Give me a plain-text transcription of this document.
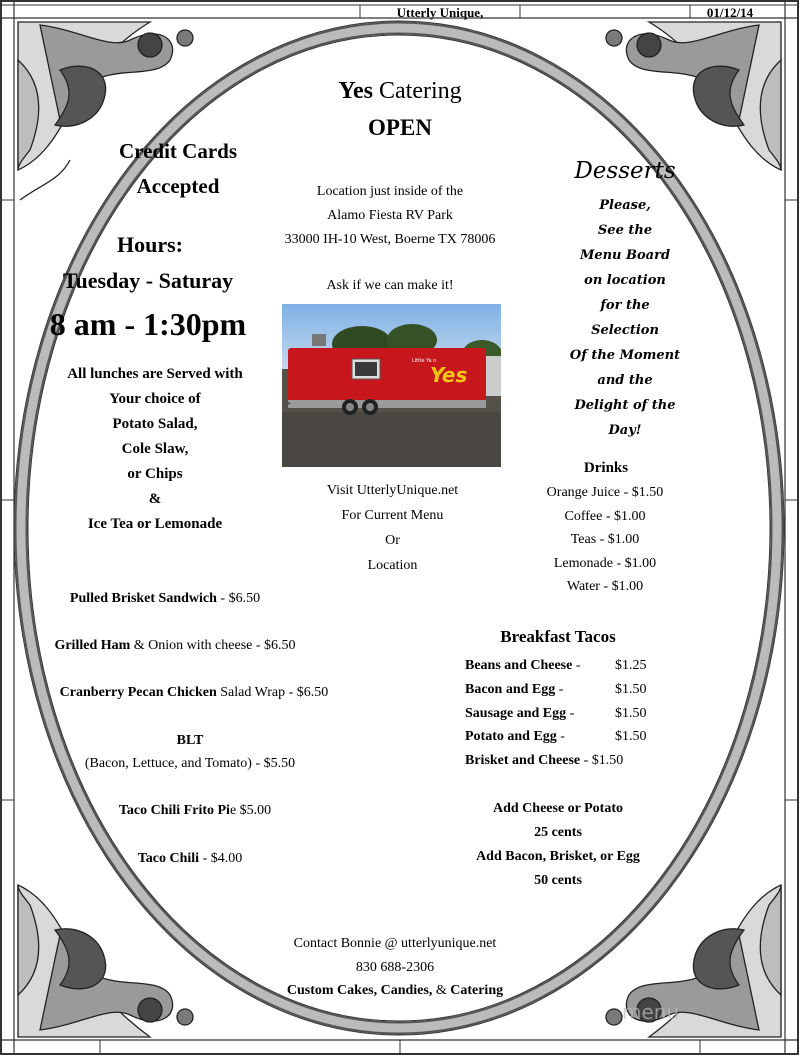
Utterly Unique,	01/12/14
Yes Catering
OPEN
Credit Cards
Accepted
Hours:
Tuesday - Saturay
8 am - 1:30pm
All lunches are Served with
Your choice of
Potato Salad,
Cole Slaw,
or Chips
&
Ice Tea or Lemonade
Location just inside of the
Alamo Fiesta RV Park
33000 IH-10 West, Boerne TX 78006
Ask if we can make it!
Little Ya o
Yes
Visit UtterlyUnique.net
For Current Menu
Or
Location
Desserts
Please,
See the
Menu Board
on location
for the
Selection
Of the Moment
and the
Delight of the
Day!
Drinks
Orange Juice - $1.50
Coffee - $1.00
Teas - $1.00
Lemonade - $1.00
Water - $1.00
Pulled Brisket Sandwich - $6.50
Grilled Ham & Onion with cheese - $6.50
Cranberry Pecan Chicken Salad Wrap - $6.50
BLT
(Bacon, Lettuce, and Tomato) - $5.50
Taco Chili Frito Pie $5.00
Taco Chili - $4.00
Breakfast Tacos
Beans and Cheese - $1.25
Bacon and Egg -	$1.50
Sausage and Egg -	$1.50
Potato and Egg -	$1.50
Brisket and Cheese - $1.50
Add Cheese or Potato
25 cents
Add Bacon, Brisket, or Egg
50 cents
Contact Bonnie @ utterlyunique.net
830 688-2306
Custom Cakes, Candies, & Catering
menu
